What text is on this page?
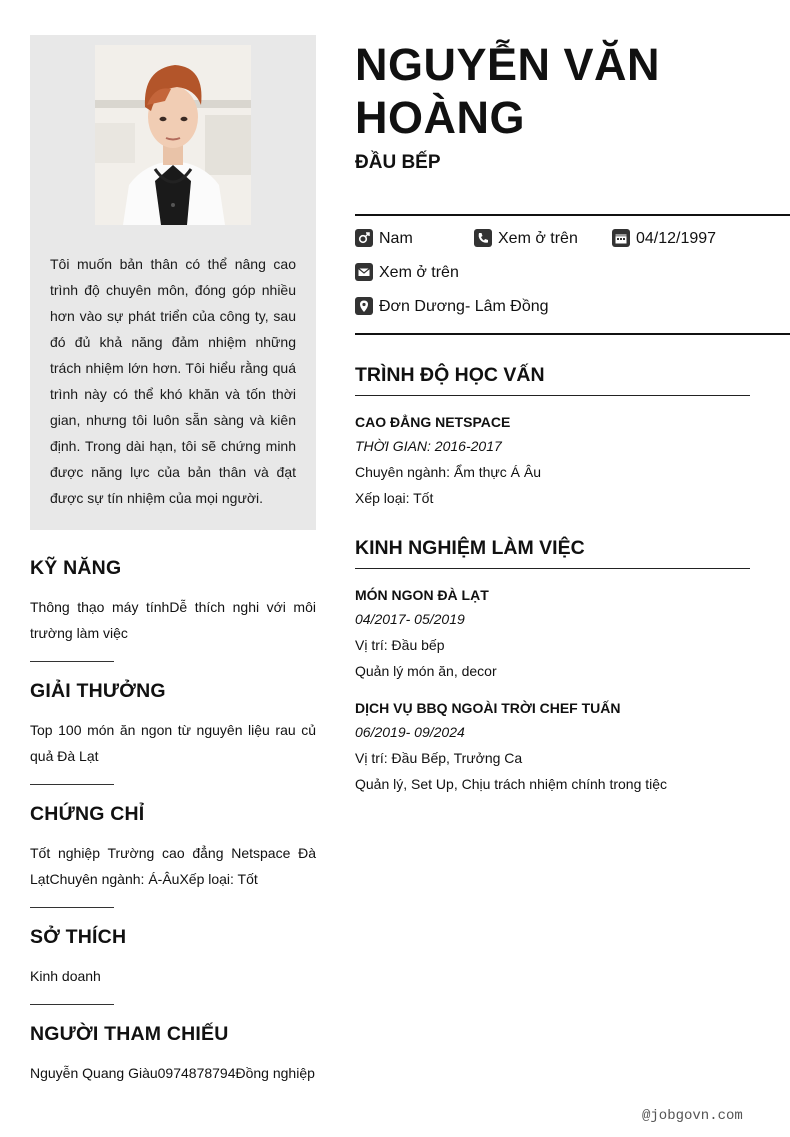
Tôi muốn bản thân có thể nâng cao trình độ chuyên môn, đóng góp nhiều hơn vào sự phát triển của công ty, sau đó đủ khả năng đảm nhiệm những trách nhiệm lớn hơn. Tôi hiểu rằng quá trình này có thể khó khăn và tốn thời gian, nhưng tôi luôn sẵn sàng và kiên định. Trong dài hạn, tôi sẽ chứng minh được năng lực của bản thân và đạt được sự tín nhiệm của mọi người.
KỸ NĂNG

Thông thạo máy tínhDễ thích nghi với môi trường làm việc

GIẢI THƯỞNG

Top 100 món ăn ngon từ nguyên liệu rau củ quả Đà Lạt

CHỨNG CHỈ

Tốt nghiệp Trường cao đẳng Netspace Đà LạtChuyên ngành: Á-ÂuXếp loại: Tốt

SỞ THÍCH

Kinh doanh

NGƯỜI THAM CHIẾU

Nguyễn Quang Giàu0974878794Đồng nghiệp

NGUYỄN VĂN HOÀNG
ĐẦU BẾP
Nam	Xem ở trên	04/12/1997
Xem ở trên
Đơn Dương- Lâm Đồng
TRÌNH ĐỘ HỌC VẤN
CAO ĐẲNG NETSPACE
THỜI GIAN: 2016-2017
Chuyên ngành: Ẩm thực Á Âu
Xếp loại: Tốt
KINH NGHIỆM LÀM VIỆC
MÓN NGON ĐÀ LẠT
04/2017- 05/2019
Vị trí: Đầu bếp
Quản lý món ăn, decor
DỊCH VỤ BBQ NGOÀI TRỜI CHEF TUẤN
06/2019- 09/2024
Vị trí: Đầu Bếp, Trưởng Ca
Quản lý, Set Up, Chịu trách nhiệm chính trong tiệc
@jobgovn.com
